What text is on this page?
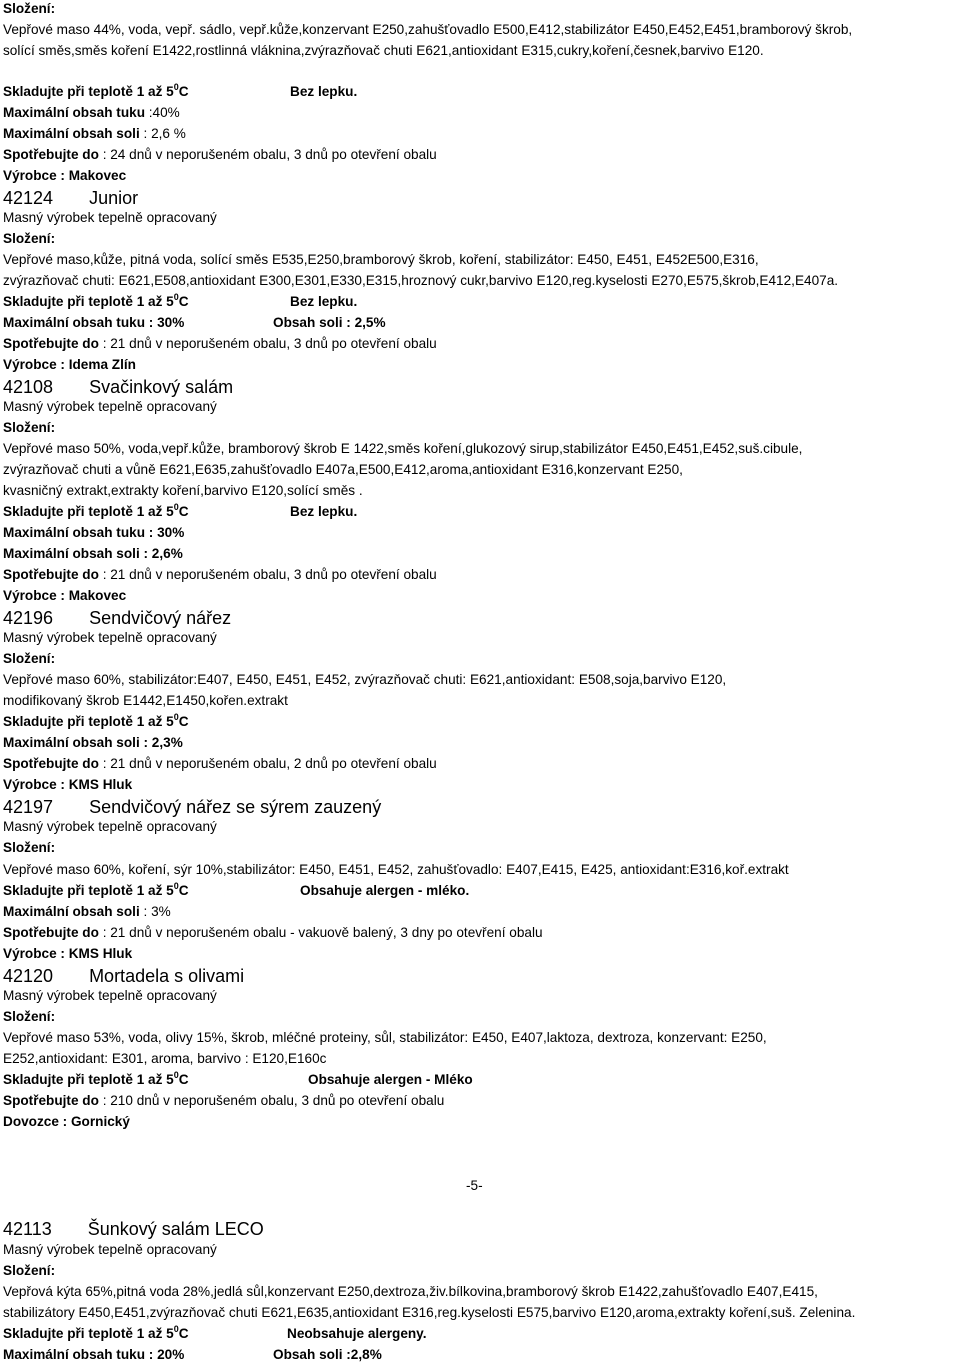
Složení:
Vepřové maso 44%, voda, vepř. sádlo, vepř.kůže,konzervant E250,zahušťovadlo E500,E412,stabilizátor E450,E452,E451,bramborový škrob,
solící směs,směs koření E1422,rostlinná vláknina,zvýrazňovač chuti E621,antioxidant E315,cukry,koření,česnek,barvivo E120.
Skladujte při teplotě 1 až $5^0C$	Bez lepku.
Maximální obsah tuku :40%
Maximální obsah soli : 2,6 %
Spotřebujte do : 24 dnů v neporušeném obalu, 3 dnů po otevření obalu
Výrobce : Makovec
42124 Junior
Masný výrobek tepelně opracovaný
Složení:
Vepřové maso,kůže, pitná voda, solící směs E535,E250,bramborový škrob, koření, stabilizátor: E450, E451, E452E500,E316,
zvýrazňovač chuti: E621,E508,antioxidant E300,E301,E330,E315,hroznový cukr,barvivo E120,reg.kyselosti E270,E575,škrob,E412,E407a.
Skladujte při teplotě 1 až $5^0C$	Bez lepku.
Maximální obsah tuku : 30%	Obsah soli : 2,5%
Spotřebujte do : 21 dnů v neporušeném obalu, 3 dnů po otevření obalu
Výrobce : Idema Zlín
42108 Svačinkový salám
Masný výrobek tepelně opracovaný
Složení:
Vepřové maso 50%, voda,vepř.kůže, bramborový škrob E 1422,směs koření,glukozový sirup,stabilizátor E450,E451,E452,suš.cibule,
zvýrazňovač chuti a vůně E621,E635,zahušťovadlo E407a,E500,E412,aroma,antioxidant E316,konzervant E250,
kvasničný extrakt,extrakty koření,barvivo E120,solící směs .
Skladujte při teplotě 1 až $5^0C$	Bez lepku.
Maximální obsah tuku : 30%
Maximální obsah soli : 2,6%
Spotřebujte do : 21 dnů v neporušeném obalu, 3 dnů po otevření obalu
Výrobce : Makovec
42196 Sendvičový nářez
Masný výrobek tepelně opracovaný
Složení:
Vepřové maso 60%, stabilizátor:E407, E450, E451, E452, zvýrazňovač chuti: E621,antioxidant: E508,soja,barvivo E120,
modifikovaný škrob E1442,E1450,kořen.extrakt
Skladujte při teplotě 1 až $5^0C$
Maximální obsah soli : 2,3%
Spotřebujte do : 21 dnů v neporušeném obalu, 2 dnů po otevření obalu
Výrobce : KMS Hluk
42197 Sendvičový nářez se sýrem zauzený
Masný výrobek tepelně opracovaný
Složení:
Vepřové maso 60%, koření, sýr 10%,stabilizátor: E450, E451, E452, zahušťovadlo: E407,E415, E425, antioxidant:E316,koř.extrakt
Skladujte při teplotě 1 až $5^0C$	Obsahuje alergen - mléko.
Maximální obsah soli : 3%
Spotřebujte do : 21 dnů v neporušeném obalu - vakuově balený, 3 dny po otevření obalu
Výrobce : KMS Hluk
42120 Mortadela s olivami
Masný výrobek tepelně opracovaný
Složení:
Vepřové maso 53%, voda, olivy 15%, škrob, mléčné proteiny, sůl, stabilizátor: E450, E407,laktoza, dextroza, konzervant: E250,
E252,antioxidant: E301, aroma, barvivo : E120,E160c
Skladujte při teplotě 1 až $5^0C$	Obsahuje alergen - Mléko
Spotřebujte do : 210 dnů v neporušeném obalu, 3 dnů po otevření obalu
Dovozce : Gornický
-5-
42113 Šunkový salám LECO
Masný výrobek tepelně opracovaný
Složení:
Vepřová kýta 65%,pitná voda 28%,jedlá sůl,konzervant E250,dextroza,živ.bílkovina,bramborový škrob E1422,zahušťovadlo E407,E415,
stabilizátory E450,E451,zvýrazňovač chuti E621,E635,antioxidant E316,reg.kyselosti E575,barvivo E120,aroma,extrakty koření,suš. Zelenina.
Skladujte při teplotě 1 až $5^0C$	Neobsahuje alergeny.
Maximální obsah tuku : 20%	Obsah soli :2,8%
